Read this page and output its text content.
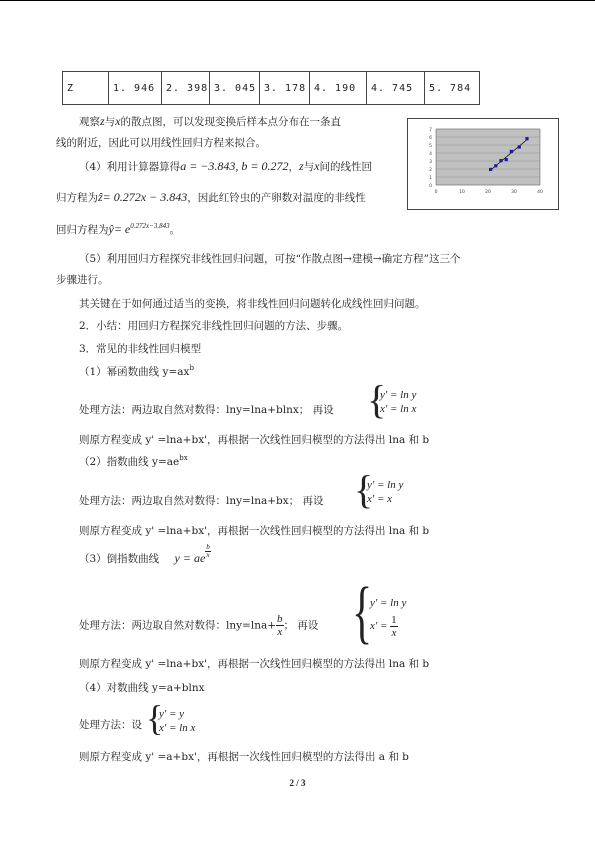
Z	1. 946	2. 398	3. 045	3. 178	4. 190	4. 745	5. 784
观察z与x的散点图，可以发现变换后样本点分布在一条直
线的附近，因此可以用线性回归方程来拟合。
（4）利用计算器算得a = −3.843, b = 0.272，z与x间的线性回
归方程为ẑ= 0.272x − 3.843，因此红铃虫的产卵数对温度的非线性
回归方程为ŷ= $e^{0.272x-3.843}$。
0
1
2
3
4
5
6
7
0	10	20	30	40
（5）利用回归方程探究非线性回归问题，可按“作散点图→建模→确定方程”这三个
步骤进行。
其关键在于如何通过适当的变换，将非线性回归问题转化成线性回归问题。
2．小结：用回归方程探究非线性回归问题的方法、步骤。
3．常见的非线性回归模型
（1）幂函数曲线 $y=ax^b$
处理方法：两边取自然对数得：lny=lna+blnx； 再设 {
y' = ln y
x' = ln x
则原方程变成 y' =lna+bx'，再根据一次线性回归模型的方法得出 lna 和 b
（2）指数曲线 $y=ae^{bx}$
处理方法：两边取自然对数得：lny=lna+bx； 再设 {
y' = ln y
x' = x
则原方程变成 y' =lna+bx'，再根据一次线性回归模型的方法得出 lna 和 b
（3）倒指数曲线 y = ae $\frac{b}{x}$
处理方法：两边取自然对数得：$\ln y=\ln a+ \frac{b}{x}$ ； 再设 {
y' = ln y
$x' = \frac{1}{x}$
则原方程变成 y' =lna+bx'，再根据一次线性回归模型的方法得出 lna 和 b
（4）对数曲线 y=a+blnx
处理方法：设 {
y' = y
x' = ln x
则原方程变成 y' =a+bx'，再根据一次线性回归模型的方法得出 a 和 b
2 / 3
